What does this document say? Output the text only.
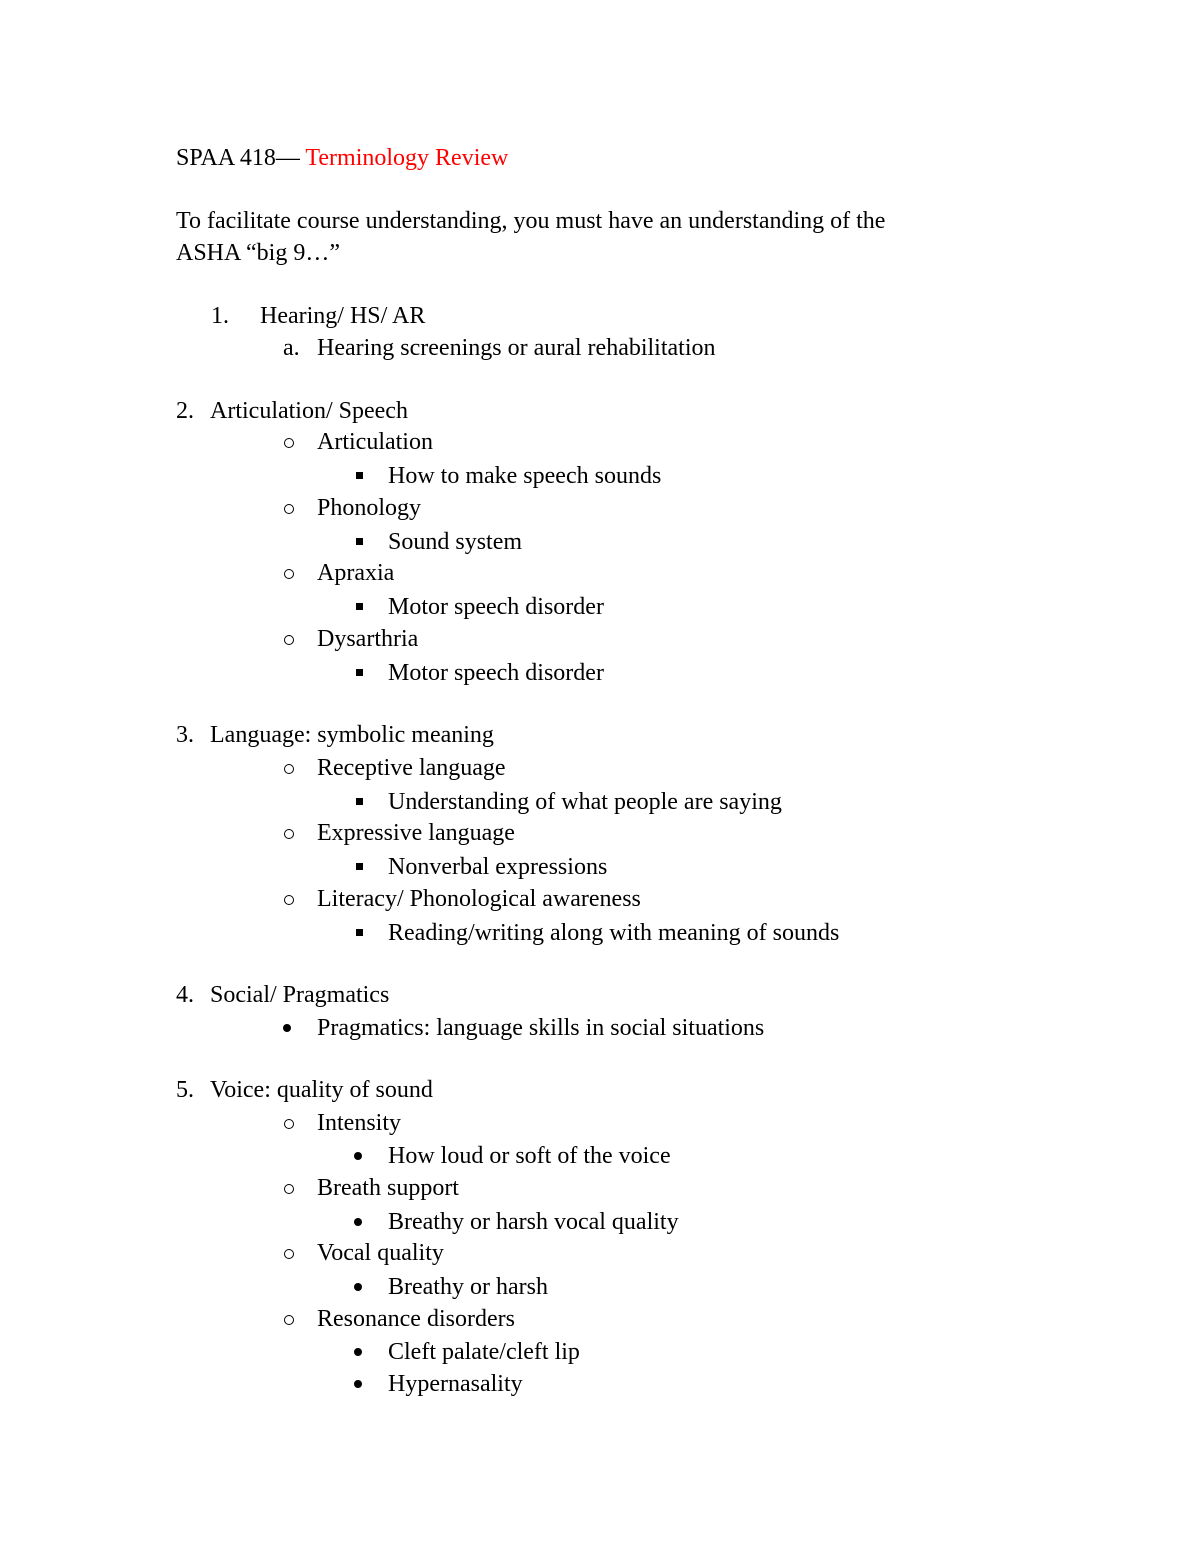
SPAA 418— Terminology Review
To facilitate course understanding, you must have an understanding of the
ASHA “big 9…”
1. Hearing/ HS/ AR
a. Hearing screenings or aural rehabilitation
2. Articulation/ Speech
Articulation
How to make speech sounds
Phonology
Sound system
Apraxia
Motor speech disorder
Dysarthria
Motor speech disorder
3. Language: symbolic meaning
Receptive language
Understanding of what people are saying
Expressive language
Nonverbal expressions
Literacy/ Phonological awareness
Reading/writing along with meaning of sounds
4. Social/ Pragmatics
Pragmatics: language skills in social situations
5. Voice: quality of sound
Intensity
How loud or soft of the voice
Breath support
Breathy or harsh vocal quality
Vocal quality
Breathy or harsh
Resonance disorders
Cleft palate/cleft lip
Hypernasality
